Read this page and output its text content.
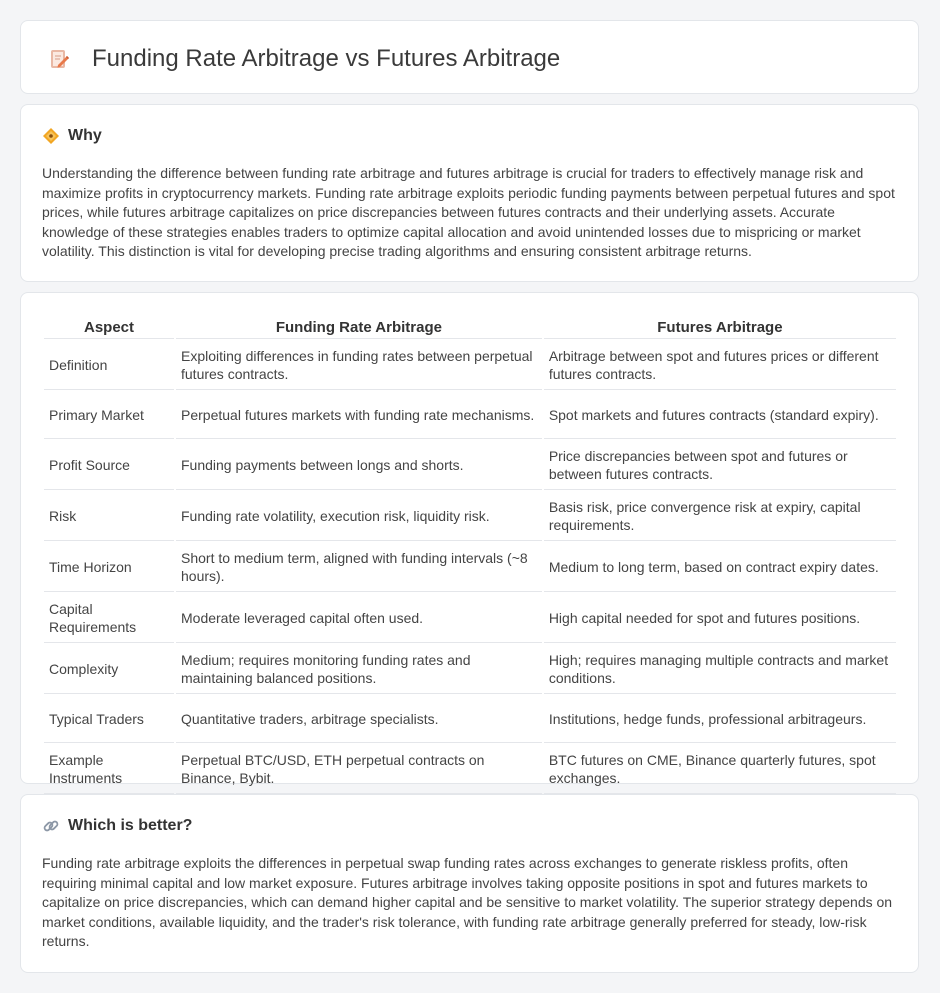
Funding Rate Arbitrage vs Futures Arbitrage
Why

Understanding the difference between funding rate arbitrage and futures arbitrage is crucial for traders to effectively manage risk and maximize profits in cryptocurrency markets. Funding rate arbitrage exploits periodic funding payments between perpetual futures and spot prices, while futures arbitrage capitalizes on price discrepancies between futures contracts and their underlying assets. Accurate knowledge of these strategies enables traders to optimize capital allocation and avoid unintended losses due to mispricing or market volatility. This distinction is vital for developing precise trading algorithms and ensuring consistent arbitrage returns.

Aspect	Funding Rate Arbitrage	Futures Arbitrage
Definition	Exploiting differences in funding rates between perpetual futures contracts.	Arbitrage between spot and futures prices or different futures contracts.
Primary Market	Perpetual futures markets with funding rate mechanisms.	Spot markets and futures contracts (standard expiry).
Profit Source	Funding payments between longs and shorts.	Price discrepancies between spot and futures or between futures contracts.
Risk	Funding rate volatility, execution risk, liquidity risk.	Basis risk, price convergence risk at expiry, capital requirements.
Time Horizon	Short to medium term, aligned with funding intervals (~8 hours).	Medium to long term, based on contract expiry dates.
Capital Requirements	Moderate leveraged capital often used.	High capital needed for spot and futures positions.
Complexity	Medium; requires monitoring funding rates and maintaining balanced positions.	High; requires managing multiple contracts and market conditions.
Typical Traders	Quantitative traders, arbitrage specialists.	Institutions, hedge funds, professional arbitrageurs.
Example Instruments	Perpetual BTC/USD, ETH perpetual contracts on Binance, Bybit.	BTC futures on CME, Binance quarterly futures, spot exchanges.
Which is better?

Funding rate arbitrage exploits the differences in perpetual swap funding rates across exchanges to generate riskless profits, often requiring minimal capital and low market exposure. Futures arbitrage involves taking opposite positions in spot and futures markets to capitalize on price discrepancies, which can demand higher capital and be sensitive to market volatility. The superior strategy depends on market conditions, available liquidity, and the trader's risk tolerance, with funding rate arbitrage generally preferred for steady, low-risk returns.
